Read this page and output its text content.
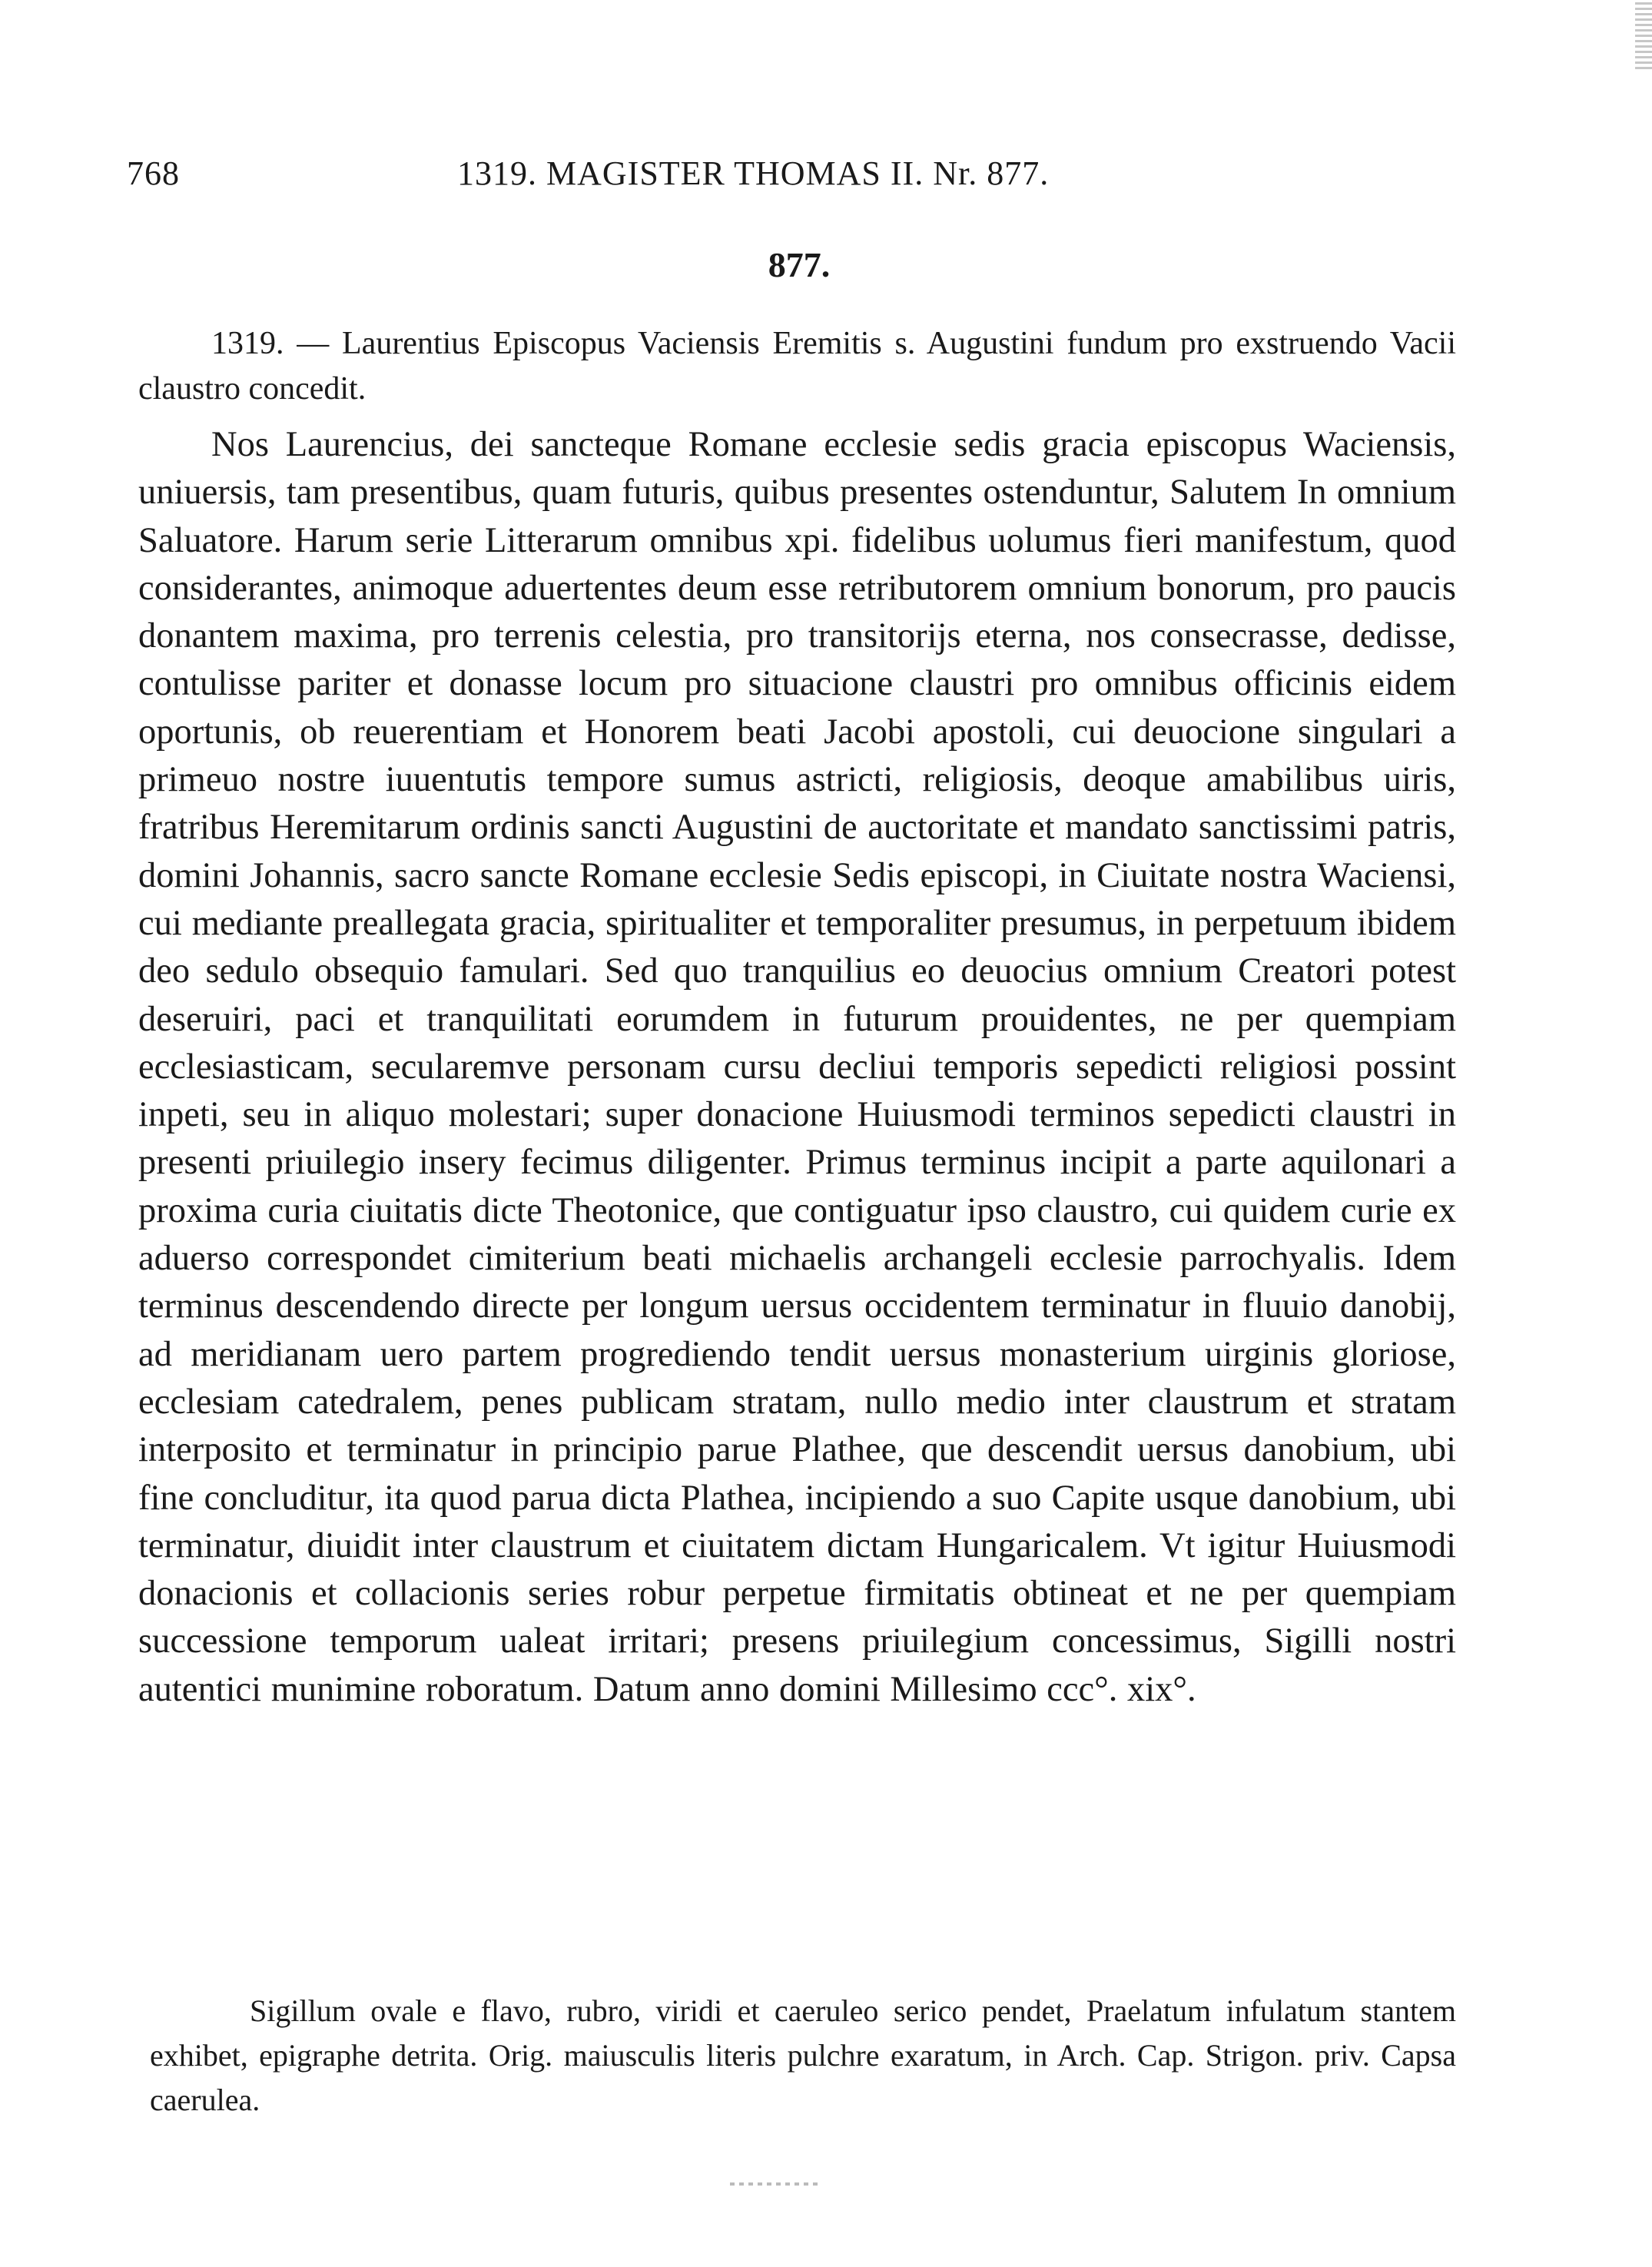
768	1319. MAGISTER THOMAS II. Nr. 877.
877.

1319. — Laurentius Episcopus Vaciensis Eremitis s. Augustini fundum pro exstruendo Vacii claustro concedit.

Nos Laurencius, dei sancteque Romane ecclesie sedis gracia episcopus Waciensis, uniuersis, tam presentibus, quam futuris, quibus presentes ostenduntur, Salutem In omnium Saluatore. Harum serie Litterarum omnibus xpi. fidelibus uolumus fieri manifestum, quod considerantes, animoque aduertentes deum esse retributorem omnium bonorum, pro paucis donantem maxima, pro terrenis celestia, pro transitorijs eterna, nos consecrasse, dedisse, contulisse pariter et donasse locum pro situacione claustri pro omnibus officinis eidem oportunis, ob reuerentiam et Honorem beati Jacobi apostoli, cui deuocione singulari a primeuo nostre iuuentutis tempore sumus astricti, religiosis, deoque amabilibus uiris, fratribus Heremitarum ordinis sancti Augustini de auctoritate et mandato sanctissimi patris, domini Johannis, sacro sancte Romane ecclesie Sedis episcopi, in Ciuitate nostra Waciensi, cui mediante preallegata gracia, spiritualiter et temporaliter presumus, in perpetuum ibidem deo sedulo obsequio famulari. Sed quo tranquilius eo deuocius omnium Creatori potest deseruiri, paci et tranquilitati eorumdem in futurum prouidentes, ne per quempiam ecclesiasticam, secularemve personam cursu decliui temporis sepedicti religiosi possint inpeti, seu in aliquo molestari; super donacione Huiusmodi terminos sepedicti claustri in presenti priuilegio insery fecimus diligenter. Primus terminus incipit a parte aquilonari a proxima curia ciuitatis dicte Theotonice, que contiguatur ipso claustro, cui quidem curie ex aduerso correspondet cimiterium beati michaelis archangeli ecclesie parrochyalis. Idem terminus descendendo directe per longum uersus occidentem terminatur in fluuio danobij, ad meridianam uero partem progrediendo tendit uersus monasterium uirginis gloriose, ecclesiam catedralem, penes publicam stratam, nullo medio inter claustrum et stratam interposito et terminatur in principio parue Plathee, que descendit uersus danobium, ubi fine concluditur, ita quod parua dicta Plathea, incipiendo a suo Capite usque danobium, ubi terminatur, diuidit inter claustrum et ciuitatem dictam Hungaricalem. Vt igitur Huiusmodi donacionis et collacionis series robur perpetue firmitatis obtineat et ne per quempiam successione temporum ualeat irritari; presens priuilegium concessimus, Sigilli nostri autentici munimine roboratum. Datum anno domini Millesimo ccc°. xix°.

Sigillum ovale e flavo, rubro, viridi et caeruleo serico pendet, Praelatum infulatum stantem exhibet, epigraphe detrita. Orig. maiusculis literis pulchre exaratum, in Arch. Cap. Strigon. priv. Capsa caerulea.
